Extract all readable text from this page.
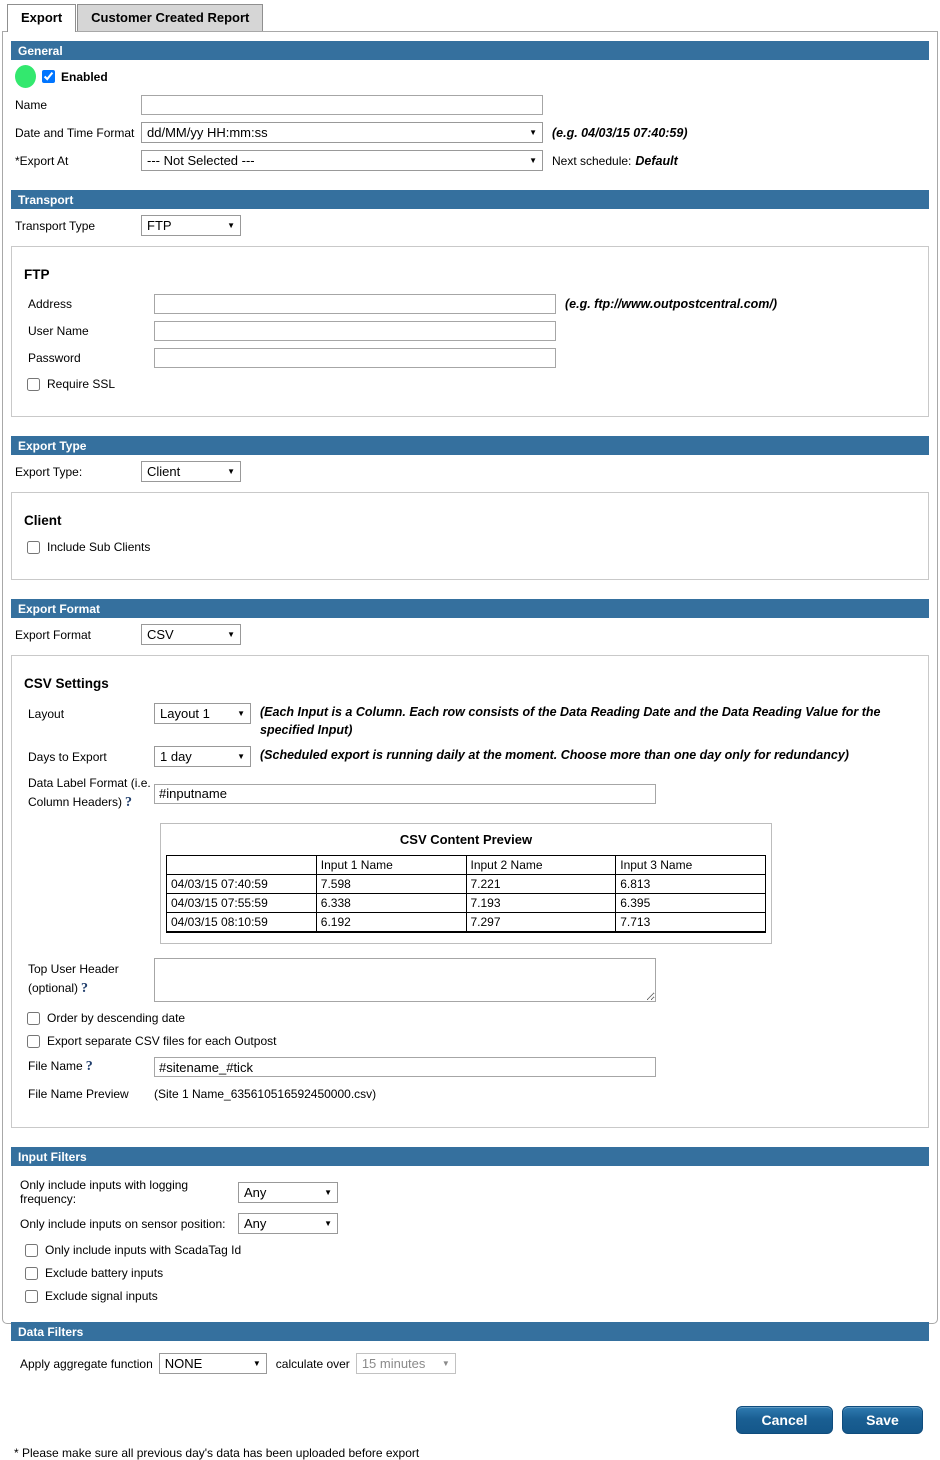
Export	Customer Created Report
General
Enabled
Name
Date and Time Format dd/MM/yy HH:mm:ss	▼ (e.g. 04/03/15 07:40:59)
*Export At	--- Not Selected ---	▼ Next schedule: Default
Transport
Transport Type	FTP	▼
FTP
Address	(e.g. ftp://www.outpostcentral.com/)
User Name
Password
Require SSL
Export Type
Export Type:	Client	▼
Client
Include Sub Clients
Export Format
Export Format	CSV	▼
CSV Settings
Layout	Layout 1	▼ (Each Input is a Column. Each row consists of the Data Reading Date and the Data Reading Value for the specified Input)
Days to Export	1 day	▼ (Scheduled export is running daily at the moment. Choose more than one day only for redundancy)
Data Label Format (i.e. Column Headers) ?
#inputname
CSV Content Preview
	Input 1 Name	Input 2 Name	Input 3 Name
04/03/15 07:40:59	7.598	7.221	6.813
04/03/15 07:55:59	6.338	7.193	6.395
04/03/15 08:10:59	6.192	7.297	7.713
Top User Header (optional) ?
Order by descending date
Export separate CSV files for each Outpost
File Name ?
#sitename_#tick
File Name Preview	(Site 1 Name_635610516592450000.csv)
Input Filters
Only include inputs with logging frequency:	Any	▼
Only include inputs on sensor position:	Any	▼
Only include inputs with ScadaTag Id
Exclude battery inputs
Exclude signal inputs
Data Filters
Apply aggregate function NONE	▼ calculate over 15 minutes ▼
Cancel	Save
* Please make sure all previous day's data has been uploaded before export
